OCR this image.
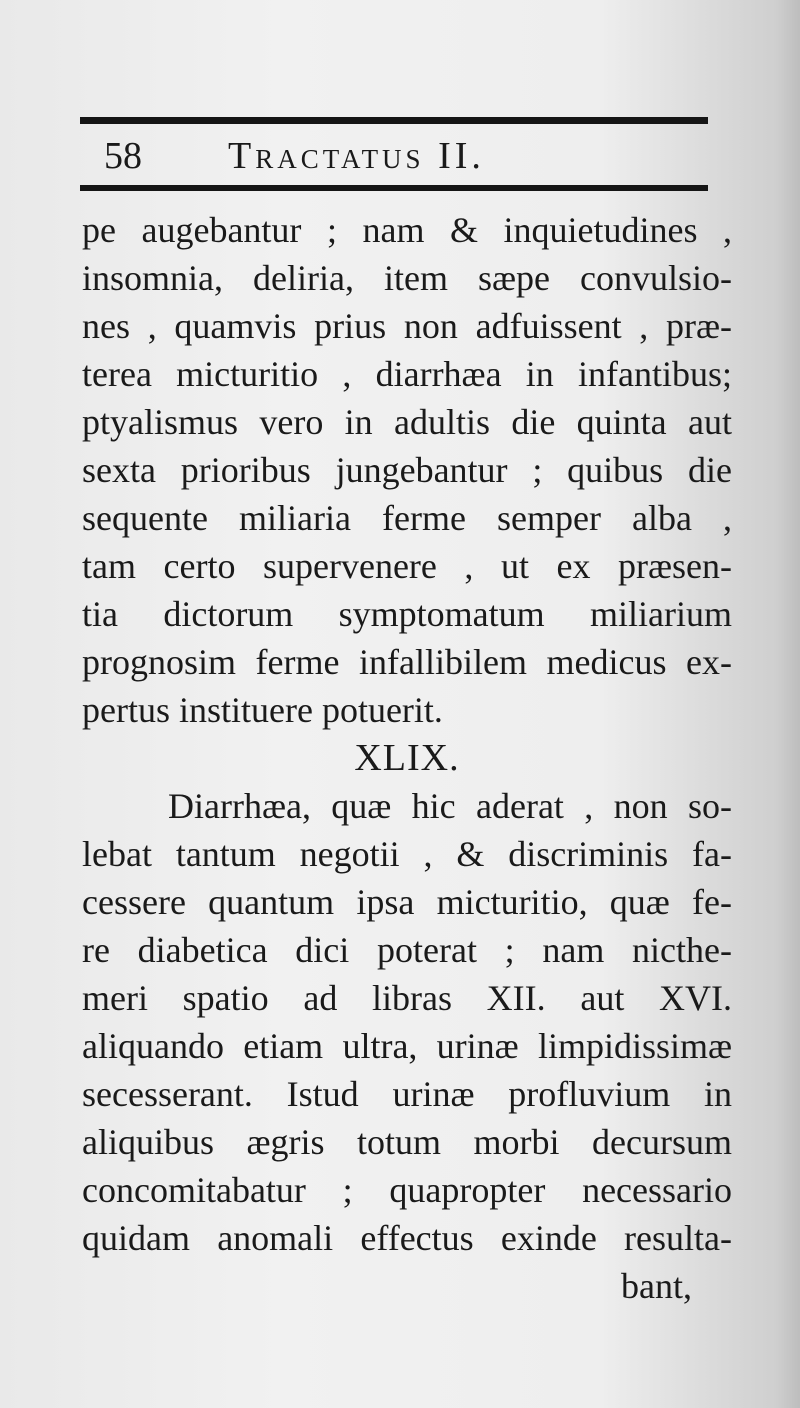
58 Tractatus II.
pe augebantur ; nam & inquietudines ,
insomnia, deliria, item sæpe convulsio-
nes , quamvis prius non adfuissent , præ-
terea micturitio , diarrhæa in infantibus;
ptyalismus vero in adultis die quinta aut
sexta prioribus jungebantur ; quibus die
sequente miliaria ferme semper alba ,
tam certo supervenere , ut ex præsen-
tia dictorum symptomatum miliarium
prognosim ferme infallibilem medicus ex-
pertus instituere potuerit.
XLIX.
Diarrhæa, quæ hic aderat , non so-
lebat tantum negotii , & discriminis fa-
cessere quantum ipsa micturitio, quæ fe-
re diabetica dici poterat ; nam nicthe-
meri spatio ad libras XII. aut XVI.
aliquando etiam ultra, urinæ limpidissimæ
secesserant. Istud urinæ profluvium in
aliquibus ægris totum morbi decursum
concomitabatur ; quapropter necessario
quidam anomali effectus exinde resulta-
bant,
